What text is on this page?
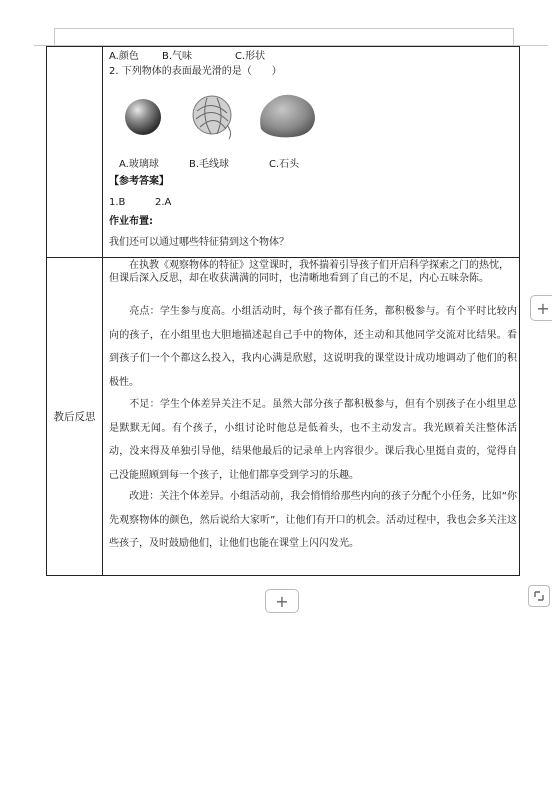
A.颜色 B.气味	C.形状
2. 下列物体的表面最光滑的是（　　）
A.玻璃球	B.毛线球	C.石头
【参考答案】
1.B	2.A
作业布置:
我们还可以通过哪些特征猜到这个物体？
教后反思
在执教《观察物体的特征》这堂课时，我怀揣着引导孩子们开启科学探索之门的热忱，但课后深入反思，却在收获满满的同时，也清晰地看到了自己的不足，内心五味杂陈。
亮点：学生参与度高。小组活动时，每个孩子都有任务，都积极参与。有个平时比较内向的孩子，在小组里也大胆地描述起自己手中的物体，还主动和其他同学交流对比结果。看到孩子们一个个都这么投入，我内心满是欣慰，这说明我的课堂设计成功地调动了他们的积极性。
不足：学生个体差异关注不足。虽然大部分孩子都积极参与，但有个别孩子在小组里总是默默无闻。有个孩子，小组讨论时他总是低着头，也不主动发言。我光顾着关注整体活动，没来得及单独引导他，结果他最后的记录单上内容很少。课后我心里挺自责的，觉得自己没能照顾到每一个孩子，让他们都享受到学习的乐趣。
改进：关注个体差异。小组活动前，我会悄悄给那些内向的孩子分配个小任务，比如“你先观察物体的颜色，然后说给大家听”，让他们有开口的机会。活动过程中，我也会多关注这些孩子，及时鼓励他们，让他们也能在课堂上闪闪发光。
+
+
